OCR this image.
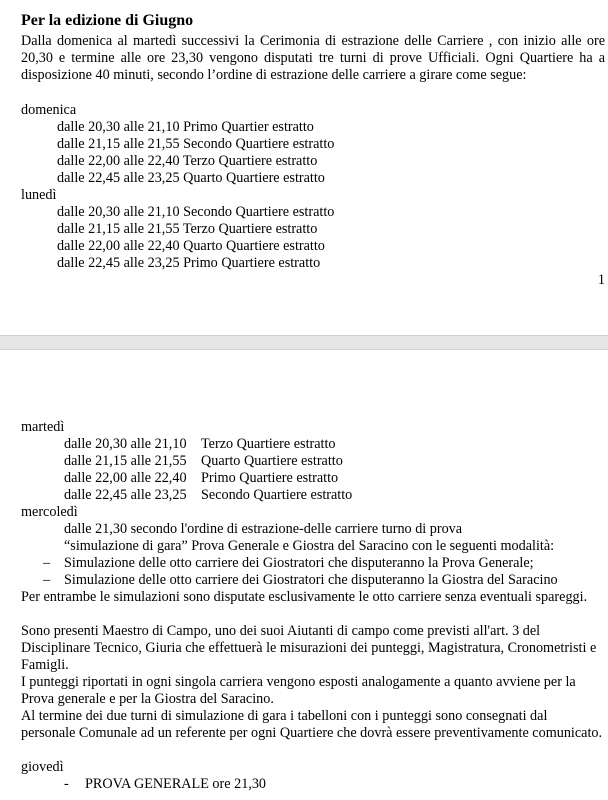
Per la edizione di Giugno
Dalla domenica al martedì successivi la Cerimonia di estrazione delle Carriere , con inizio alle ore 20,30 e termine alle ore 23,30 vengono disputati tre turni di prove Ufficiali. Ogni Quartiere ha a disposizione 40 minuti, secondo l’ordine di estrazione delle carriere a girare come segue:
domenica
dalle 20,30 alle 21,10 Primo Quartier estratto
dalle 21,15 alle 21,55 Secondo Quartiere estratto
dalle 22,00 alle 22,40 Terzo Quartiere estratto
dalle 22,45 alle 23,25 Quarto Quartiere estratto
lunedì
dalle 20,30 alle 21,10 Secondo Quartiere estratto
dalle 21,15 alle 21,55 Terzo Quartiere estratto
dalle 22,00 alle 22,40 Quarto Quartiere estratto
dalle 22,45 alle 23,25 Primo Quartiere estratto
1
martedì
dalle 20,30 alle 21,10 Terzo Quartiere estratto
dalle 21,15 alle 21,55 Quarto Quartiere estratto
dalle 22,00 alle 22,40 Primo Quartiere estratto
dalle 22,45 alle 23,25 Secondo Quartiere estratto
mercoledì
dalle 21,30 secondo l'ordine di estrazione-delle carriere turno di prova
“simulazione di gara” Prova Generale e Giostra del Saracino con le seguenti modalità:
– Simulazione delle otto carriere dei Giostratori che disputeranno la Prova Generale;
– Simulazione delle otto carriere dei Giostratori che disputeranno la Giostra del Saracino
Per entrambe le simulazioni sono disputate esclusivamente le otto carriere senza eventuali spareggi.
Sono presenti Maestro di Campo, uno dei suoi Aiutanti di campo come previsti all'art. 3 del Disciplinare Tecnico, Giuria che effettuerà le misurazioni dei punteggi, Magistratura, Cronometristi e Famigli.
I punteggi riportati in ogni singola carriera vengono esposti analogamente a quanto avviene per la Prova generale e per la Giostra del Saracino.
Al termine dei due turni di simulazione di gara i tabelloni con i punteggi sono consegnati dal personale Comunale ad un referente per ogni Quartiere che dovrà essere preventivamente comunicato.
giovedì
- PROVA GENERALE ore 21,30
